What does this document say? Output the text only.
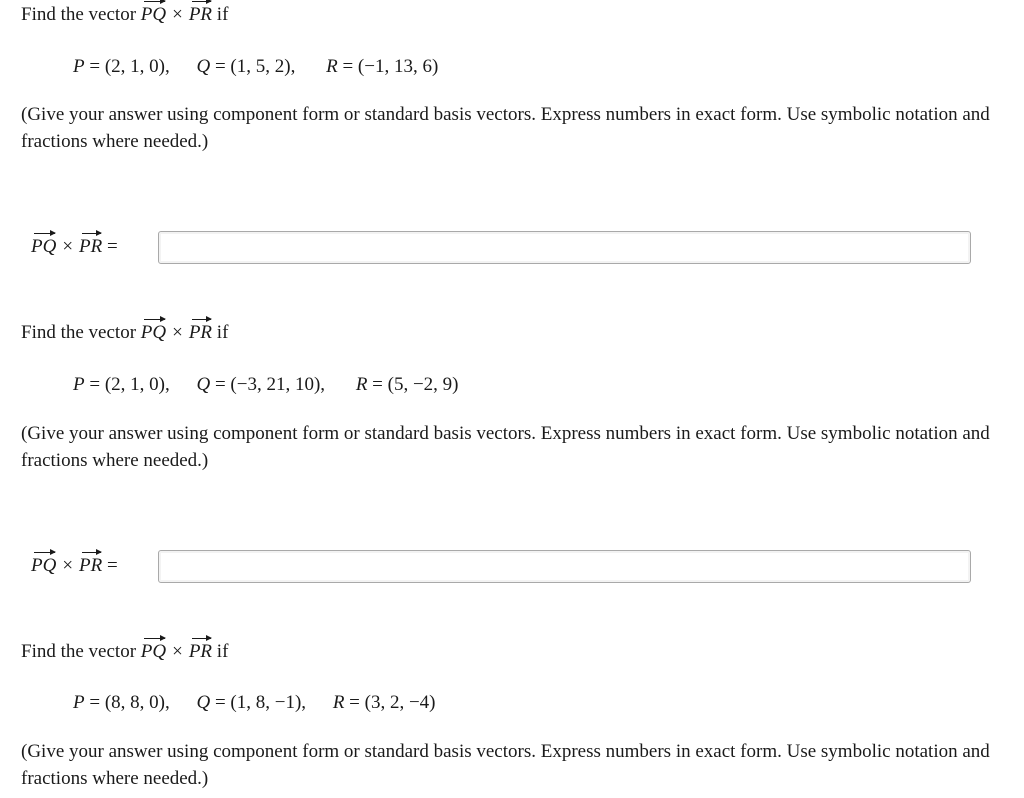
Find the vector PQ × PR if
P = (2, 1, 0), Q = (1, 5, 2), R = (−1, 13, 6)
(Give your answer using component form or standard basis vectors. Express numbers in exact form. Use symbolic notation and fractions where needed.)
PQ × PR =
Find the vector PQ × PR if
P = (2, 1, 0), Q = (−3, 21, 10), R = (5, −2, 9)
(Give your answer using component form or standard basis vectors. Express numbers in exact form. Use symbolic notation and fractions where needed.)
PQ × PR =
Find the vector PQ × PR if
P = (8, 8, 0), Q = (1, 8, −1), R = (3, 2, −4)
(Give your answer using component form or standard basis vectors. Express numbers in exact form. Use symbolic notation and fractions where needed.)
